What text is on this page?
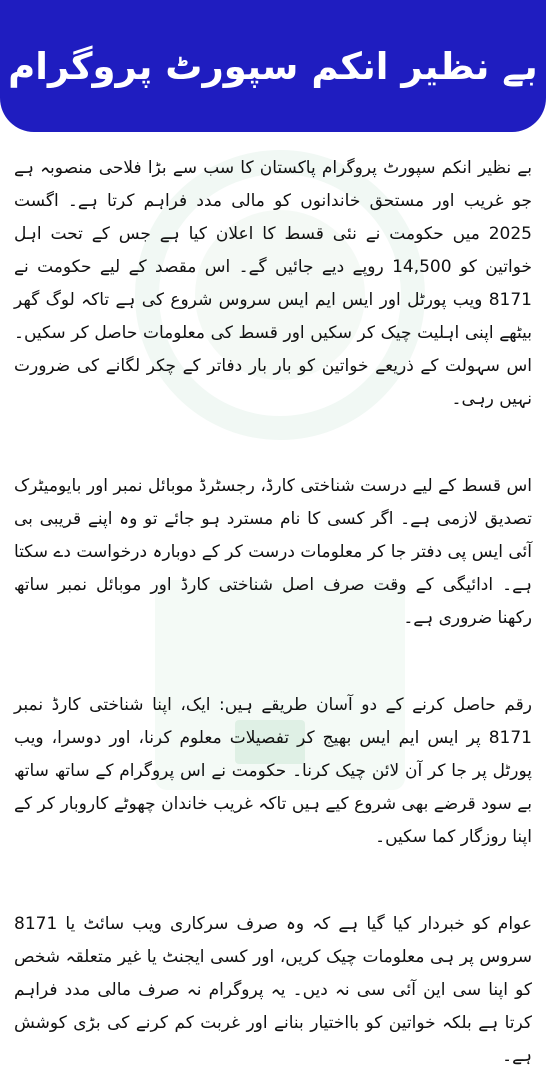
بے نظیر انکم سپورٹ پروگرام

بے نظیر انکم سپورٹ پروگرام پاکستان کا سب سے بڑا فلاحی منصوبہ ہے جو غریب اور مستحق خاندانوں کو مالی مدد فراہم کرتا ہے۔ اگست 2025 میں حکومت نے نئی قسط کا اعلان کیا ہے جس کے تحت اہل خواتین کو 14,500 روپے دیے جائیں گے۔ اس مقصد کے لیے حکومت نے 8171 ویب پورٹل اور ایس ایم ایس سروس شروع کی ہے تاکہ لوگ گھر بیٹھے اپنی اہلیت چیک کر سکیں اور قسط کی معلومات حاصل کر سکیں۔ اس سہولت کے ذریعے خواتین کو بار بار دفاتر کے چکر لگانے کی ضرورت نہیں رہی۔

اس قسط کے لیے درست شناختی کارڈ، رجسٹرڈ موبائل نمبر اور بایومیٹرک تصدیق لازمی ہے۔ اگر کسی کا نام مسترد ہو جائے تو وہ اپنے قریبی بی آئی ایس پی دفتر جا کر معلومات درست کر کے دوبارہ درخواست دے سکتا ہے۔ ادائیگی کے وقت صرف اصل شناختی کارڈ اور موبائل نمبر ساتھ رکھنا ضروری ہے۔

رقم حاصل کرنے کے دو آسان طریقے ہیں: ایک، اپنا شناختی کارڈ نمبر 8171 پر ایس ایم ایس بھیج کر تفصیلات معلوم کرنا، اور دوسرا، ویب پورٹل پر جا کر آن لائن چیک کرنا۔ حکومت نے اس پروگرام کے ساتھ ساتھ بے سود قرضے بھی شروع کیے ہیں تاکہ غریب خاندان چھوٹے کاروبار کر کے اپنا روزگار کما سکیں۔

عوام کو خبردار کیا گیا ہے کہ وہ صرف سرکاری ویب سائٹ یا 8171 سروس پر ہی معلومات چیک کریں، اور کسی ایجنٹ یا غیر متعلقہ شخص کو اپنا سی این آئی سی نہ دیں۔ یہ پروگرام نہ صرف مالی مدد فراہم کرتا ہے بلکہ خواتین کو بااختیار بنانے اور غربت کم کرنے کی بڑی کوشش ہے۔
